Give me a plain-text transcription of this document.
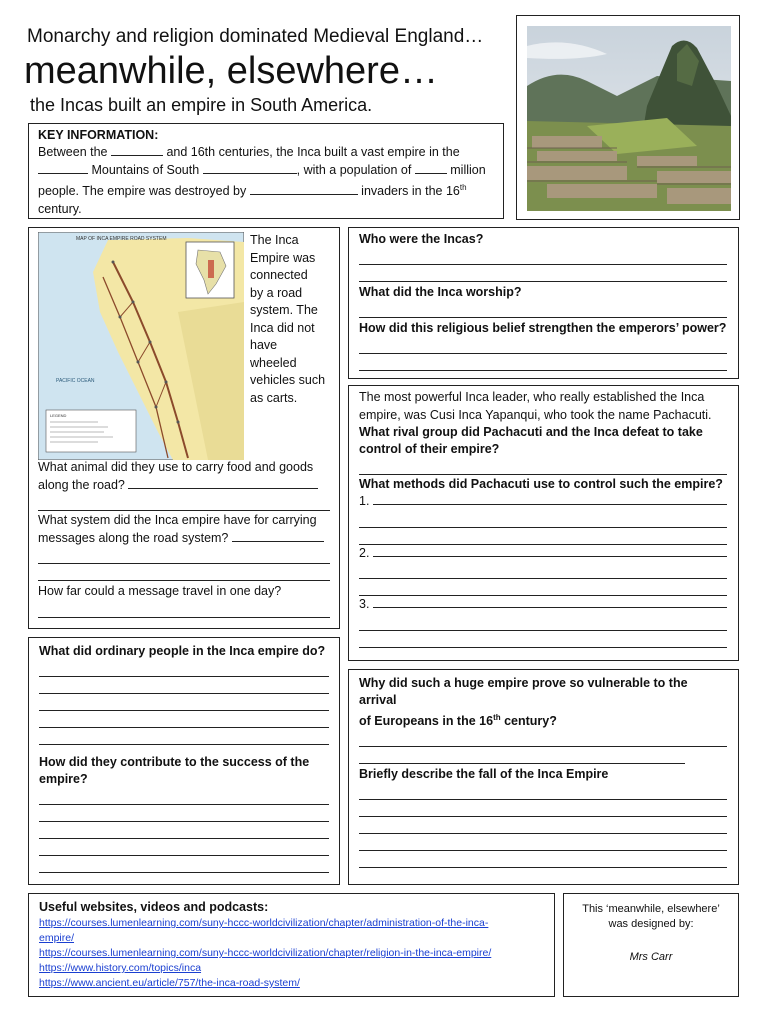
Monarchy and religion dominated Medieval England…
meanwhile, elsewhere…
the Incas built an empire in South America.
KEY INFORMATION:
Between the	and 16th centuries, the Inca built a vast empire in the
Mountains of South	, with a population of	million
people. The empire was destroyed by	invaders in the 16th
century.
MAP OF INCA EMPIRE ROAD SYSTEM
PACIFIC OCEAN
LEGEND
The Inca
Empire was
connected
by a road
system. The
Inca did not
have
wheeled
vehicles such
as carts.
What animal did they use to carry food and goods
along the road?
What system did the Inca empire have for carrying
messages along the road system?
How far could a message travel in one day?
Who were the Incas?
What did the Inca worship?
How did this religious belief strengthen the emperors’ power?
The most powerful Inca leader, who really established the Inca
empire, was Cusi Inca Yapanqui, who took the name Pachacuti.
What rival group did Pachacuti and the Inca defeat to take
control of their empire?
What methods did Pachacuti use to control such the empire?
1.
2.
3.
What did ordinary people in the Inca empire do?
How did they contribute to the success of the
empire?
Why did such a huge empire prove so vulnerable to the arrival
of Europeans in the 16th century?
Briefly describe the fall of the Inca Empire
Useful websites, videos and podcasts:
https://courses.lumenlearning.com/suny-hccc-worldcivilization/chapter/administration-of-the-inca-
empire/
https://courses.lumenlearning.com/suny-hccc-worldcivilization/chapter/religion-in-the-inca-empire/
https://www.history.com/topics/inca
https://www.ancient.eu/article/757/the-inca-road-system/
This ‘meanwhile, elsewhere’
was designed by:
Mrs Carr
